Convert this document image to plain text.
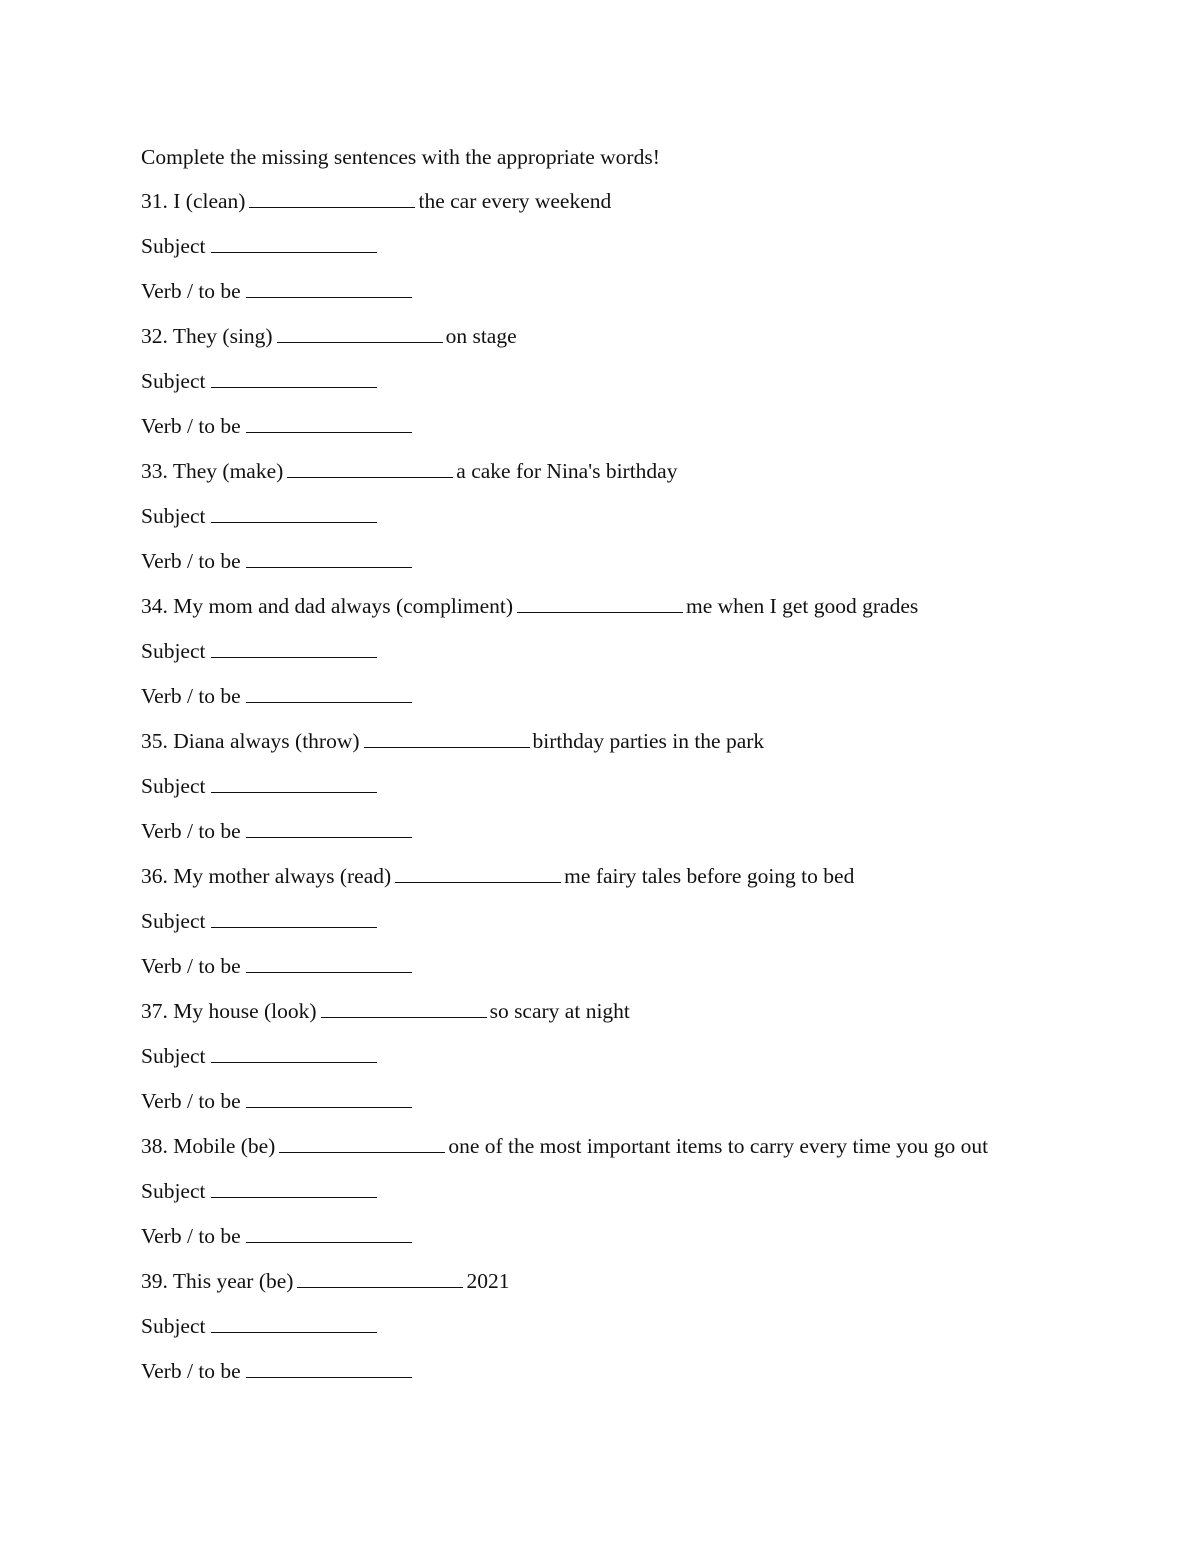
Complete the missing sentences with the appropriate words!
31. I (clean)	the car every weekend
Subject
Verb / to be
32. They (sing)	on stage
Subject
Verb / to be
33. They (make)	a cake for Nina's birthday
Subject
Verb / to be
34. My mom and dad always (compliment)	me when I get good grades
Subject
Verb / to be
35. Diana always (throw)	birthday parties in the park
Subject
Verb / to be
36. My mother always (read)	me fairy tales before going to bed
Subject
Verb / to be
37. My house (look)	so scary at night
Subject
Verb / to be
38. Mobile (be)	one of the most important items to carry every time you go out
Subject
Verb / to be
39. This year (be)	2021
Subject
Verb / to be
